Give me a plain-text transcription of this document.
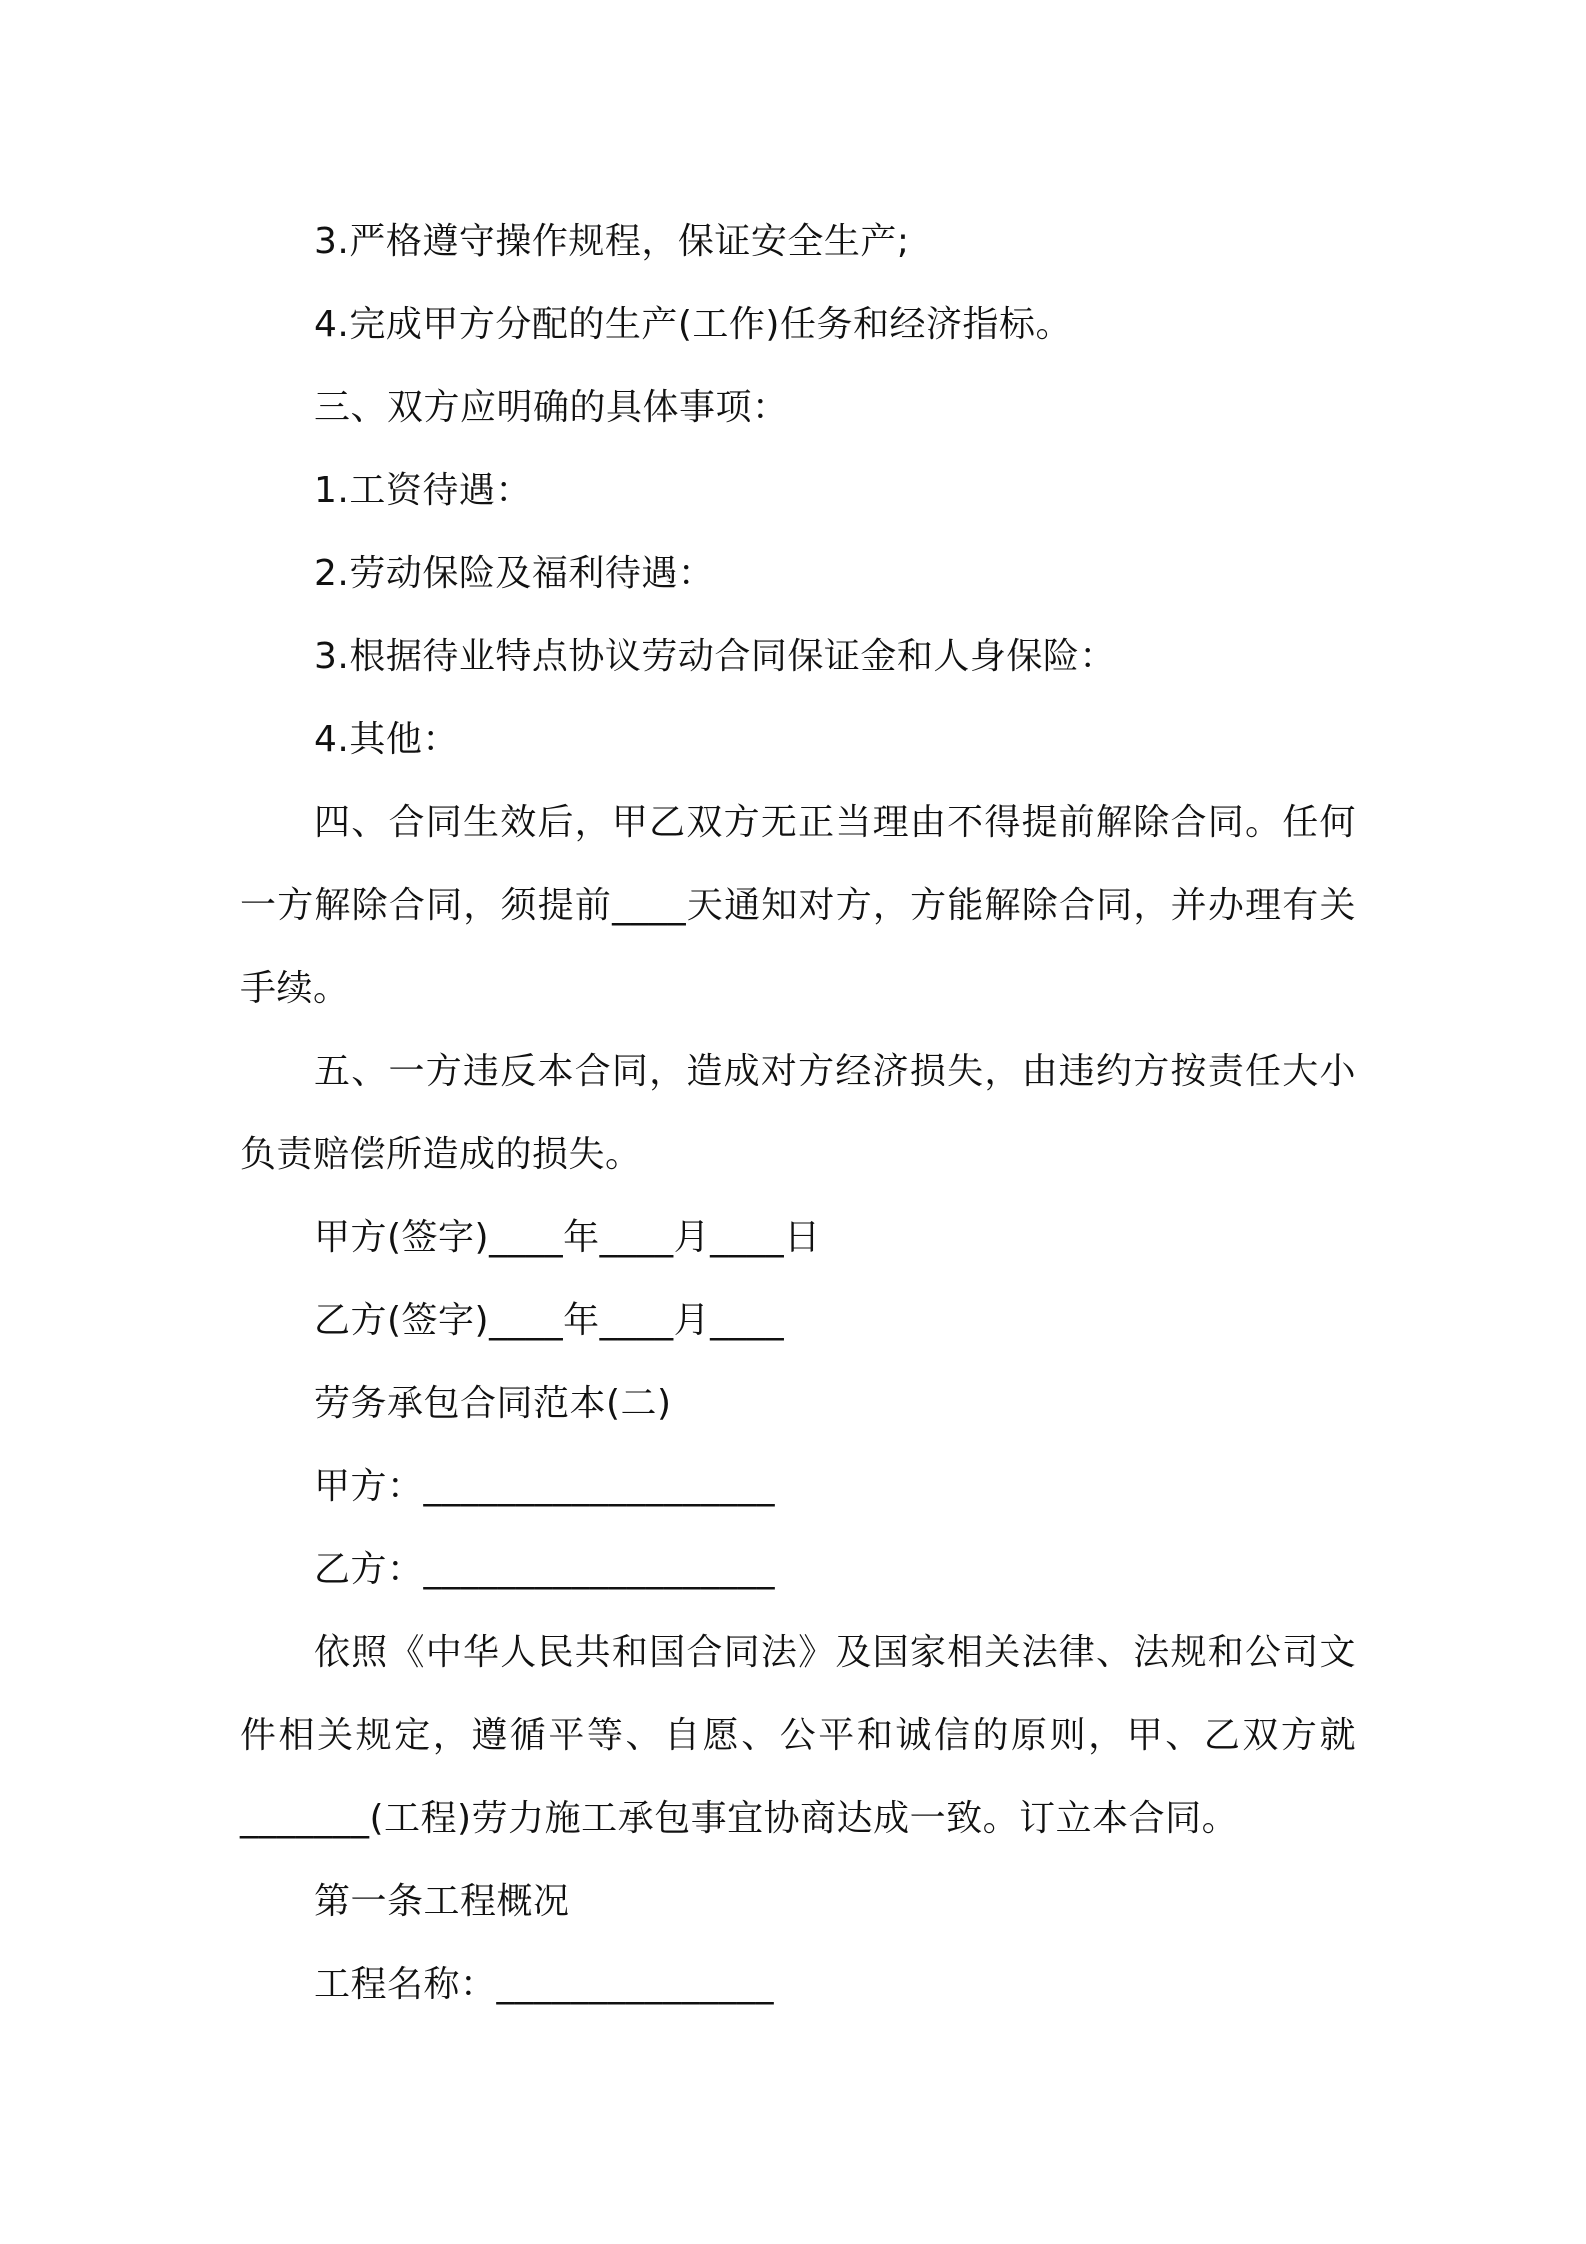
3.严格遵守操作规程，保证安全生产;

4.完成甲方分配的生产(工作)任务和经济指标。

三、双方应明确的具体事项：

1.工资待遇：

2.劳动保险及福利待遇：

3.根据待业特点协议劳动合同保证金和人身保险：

4.其他：

四、合同生效后，甲乙双方无正当理由不得提前解除合同。任何一方解除合同，须提前____天通知对方，方能解除合同，并办理有关手续。

五、一方违反本合同，造成对方经济损失，由违约方按责任大小负责赔偿所造成的损失。

甲方(签字)____年____月____日

乙方(签字)____年____月____

劳务承包合同范本(二)

甲方：___________________

乙方：___________________

依照《中华人民共和国合同法》及国家相关法律、法规和公司文件相关规定，遵循平等、自愿、公平和诚信的原则，甲、乙双方就_______(工程)劳力施工承包事宜协商达成一致。订立本合同。

第一条工程概况

工程名称：_______________
